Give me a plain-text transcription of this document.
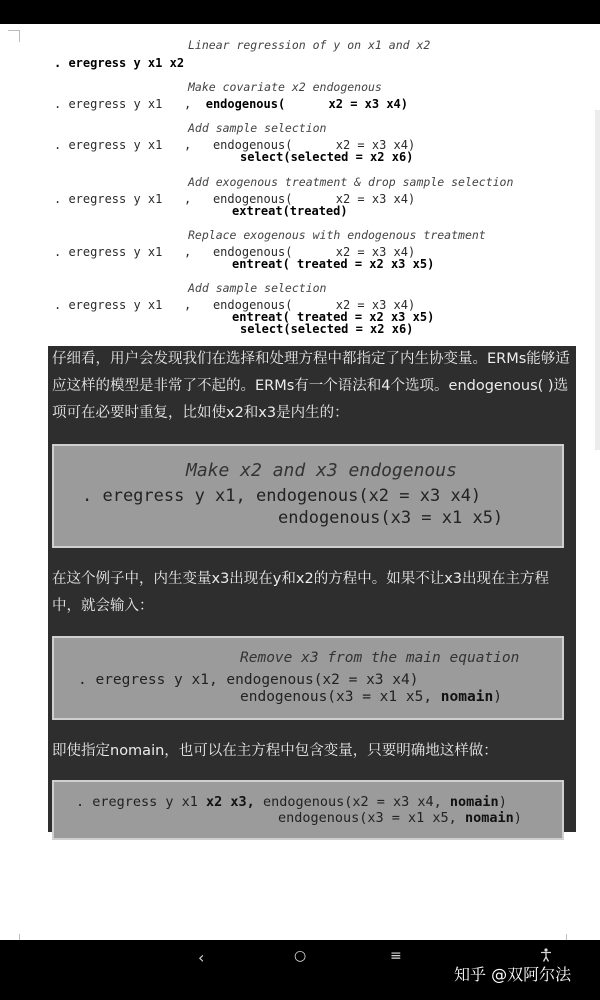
Linear regression of y on x1 and x2
. eregress y x1 x2
Make covariate x2 endogenous
. eregress y x1   ,  endogenous(      x2 = x3 x4)
Add sample selection
. eregress y x1   ,   endogenous(      x2 = x3 x4)
select(selected = x2 x6)
Add exogenous treatment & drop sample selection
. eregress y x1   ,   endogenous(      x2 = x3 x4)
extreat(treated)
Replace exogenous with endogenous treatment
. eregress y x1   ,   endogenous(      x2 = x3 x4)
entreat( treated = x2 x3 x5)
Add sample selection
. eregress y x1   ,   endogenous(      x2 = x3 x4)
entreat( treated = x2 x3 x5)
select(selected = x2 x6)
仔细看，用户会发现我们在选择和处理方程中都指定了内生协变量。ERMs能够适应这样的模型是非常了不起的。ERMs有一个语法和4个选项。endogenous( )选项可在必要时重复，比如使x2和x3是内生的：
Make x2 and x3 endogenous
. eregress y x1, endogenous(x2 = x3 x4)
endogenous(x3 = x1 x5)
在这个例子中，内生变量x3出现在y和x2的方程中。如果不让x3出现在主方程中，就会输入：
Remove x3 from the main equation
. eregress y x1, endogenous(x2 = x3 x4)
endogenous(x3 = x1 x5, nomain)
即使指定nomain，也可以在主方程中包含变量，只要明确地这样做：
. eregress y x1 x2 x3, endogenous(x2 = x3 x4, nomain)
endogenous(x3 = x1 x5, nomain)
‹	○	≡
知乎 @双阿尔法
